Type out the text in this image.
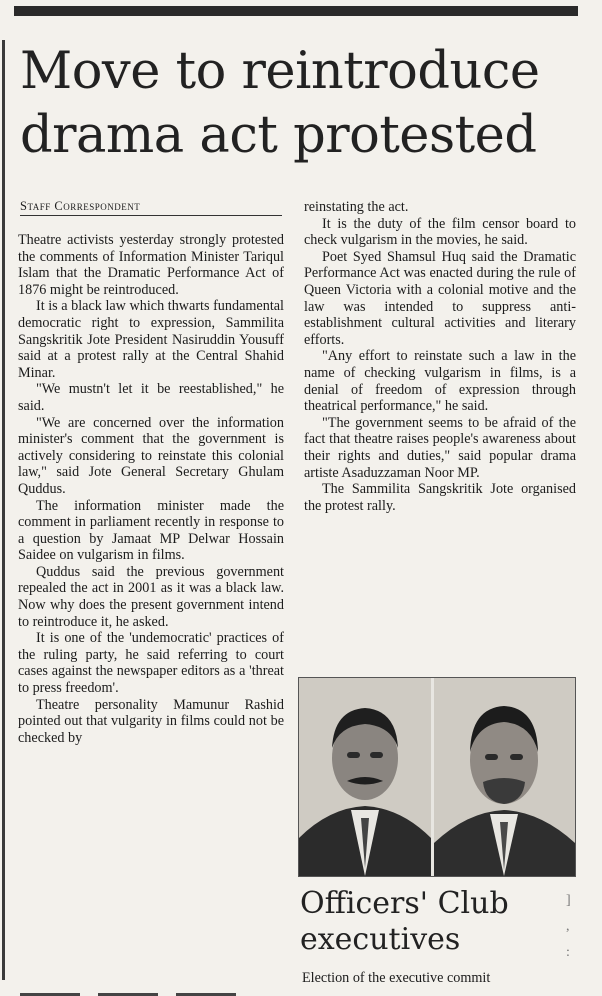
]
,
:
Move to reintroduce drama act protested
Staff Correspondent

Theatre activists yesterday strongly protested the comments of Information Minister Tariqul Islam that the Dramatic Performance Act of 1876 might be reintroduced.

It is a black law which thwarts fundamental democratic right to expression, Sammilita Sangskritik Jote President Nasiruddin Yousuff said at a protest rally at the Central Shahid Minar.

"We mustn't let it be reestablished," he said.

"We are concerned over the information minister's comment that the government is actively considering to reinstate this colonial law," said Jote General Secretary Ghulam Quddus.

The information minister made the comment in parliament recently in response to a question by Jamaat MP Delwar Hossain Saidee on vulgarism in films.

Quddus said the previous government repealed the act in 2001 as it was a black law. Now why does the present government intend to reintroduce it, he asked.

It is one of the 'undemocratic' practices of the ruling party, he said referring to court cases against the newspaper editors as a 'threat to press freedom'.

Theatre personality Mamunur Rashid pointed out that vulgarity in films could not be checked by

reinstating the act.

It is the duty of the film censor board to check vulgarism in the movies, he said.

Poet Syed Shamsul Huq said the Dramatic Performance Act was enacted during the rule of Queen Victoria with a colonial motive and the law was intended to suppress anti-establishment cultural activities and literary efforts.

"Any effort to reinstate such a law in the name of checking vulgarism in films, is a denial of freedom of expression through theatrical performance," he said.

"The government seems to be afraid of the fact that theatre raises people's awareness about their rights and duties," said popular drama artiste Asaduzzaman Noor MP.

The Sammilita Sangskritik Jote organised the protest rally.

Officers' Club executives
Election of the executive commit
